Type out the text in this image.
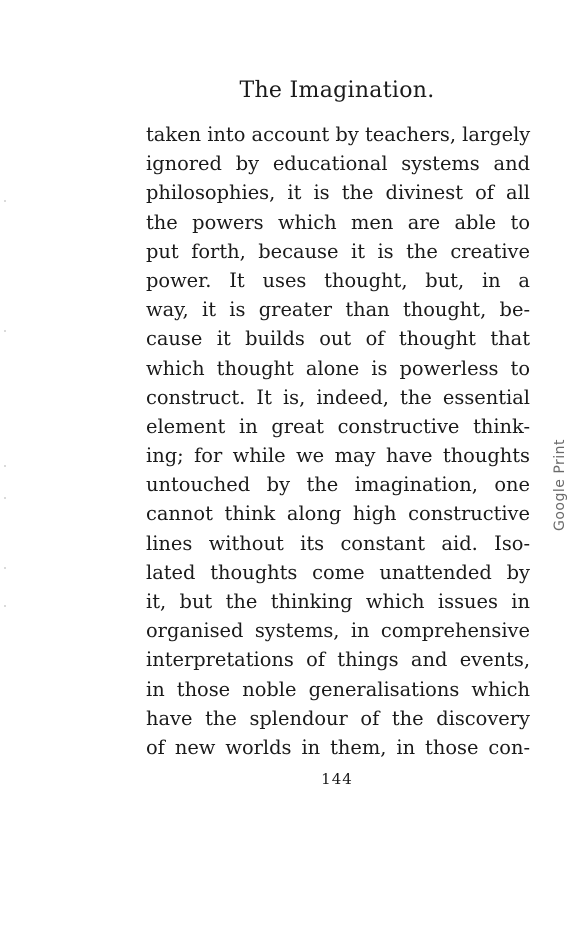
The Imagination.
taken into account by teachers, largely
ignored by educational systems and
philosophies, it is the divinest of all
the powers which men are able to
put forth, because it is the creative
power. It uses thought, but, in a
way, it is greater than thought, be-
cause it builds out of thought that
which thought alone is powerless to
construct. It is, indeed, the essential
element in great constructive think-
ing; for while we may have thoughts
untouched by the imagination, one
cannot think along high constructive
lines without its constant aid. Iso-
lated thoughts come unattended by
it, but the thinking which issues in
organised systems, in comprehensive
interpretations of things and events,
in those noble generalisations which
have the splendour of the discovery
of new worlds in them, in those con-
144
Google Print
